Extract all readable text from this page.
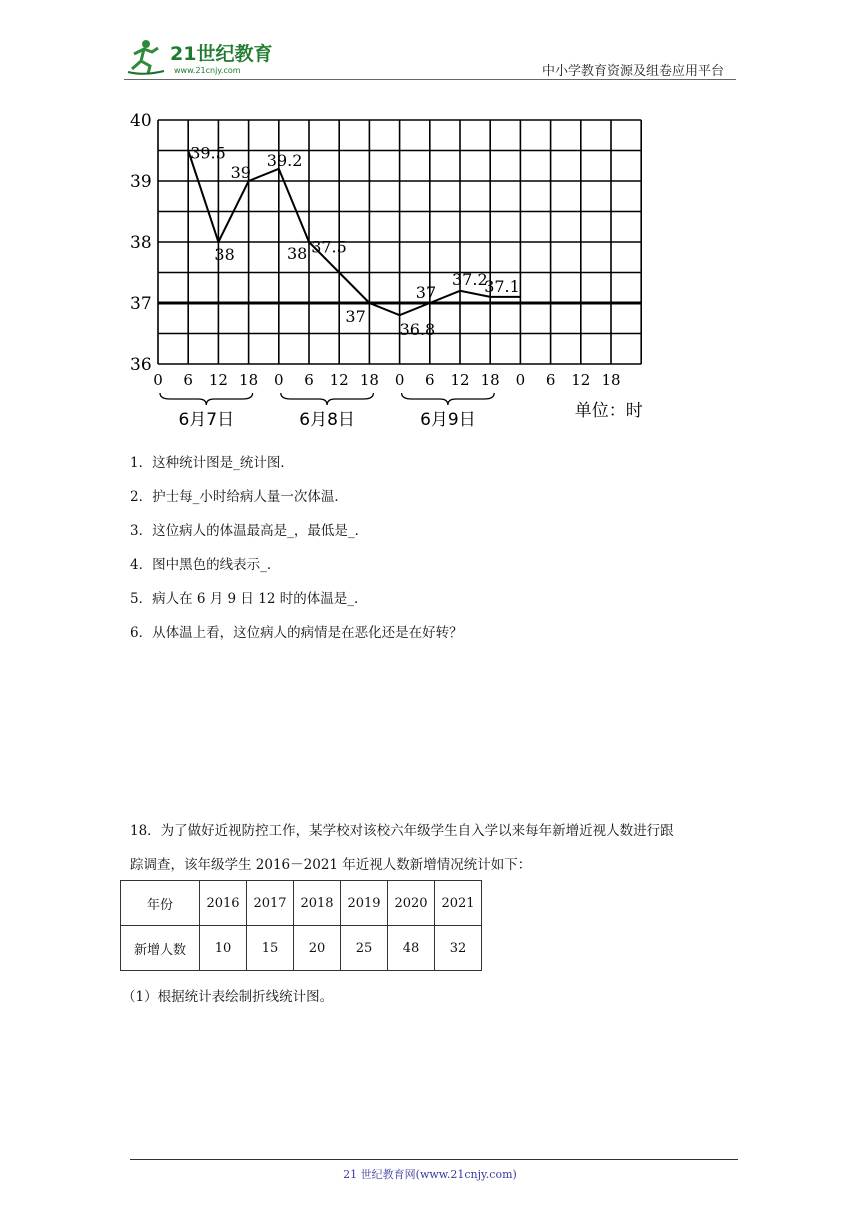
21世纪教育
www.21cnjy.com	中小学教育资源及组卷应用平台
40
39
38
37
36
0 6 12 18 0 6 12 18 0 6 12 18 0 6 12 18
6月7日	6月8日	6月9日	单位：时
39.5
38
39
39.2
38 37.5
37
36.8
37
37.2
37.1
1．这种统计图是_统计图．
2．护士每_小时给病人量一次体温．
3．这位病人的体温最高是_，最低是_．
4．图中黑色的线表示_．
5．病人在 6 月 9 日 12 时的体温是_．
6．从体温上看，这位病人的病情是在恶化还是在好转？
18．为了做好近视防控工作，某学校对该校六年级学生自入学以来每年新增近视人数进行跟
踪调查，该年级学生 2016－2021 年近视人数新增情况统计如下：
年份	2016	2017	2018	2019	2020	2021
新增人数	10	15	20	25	48	32
（1）根据统计表绘制折线统计图。
21 世纪教育网(www.21cnjy.com)
